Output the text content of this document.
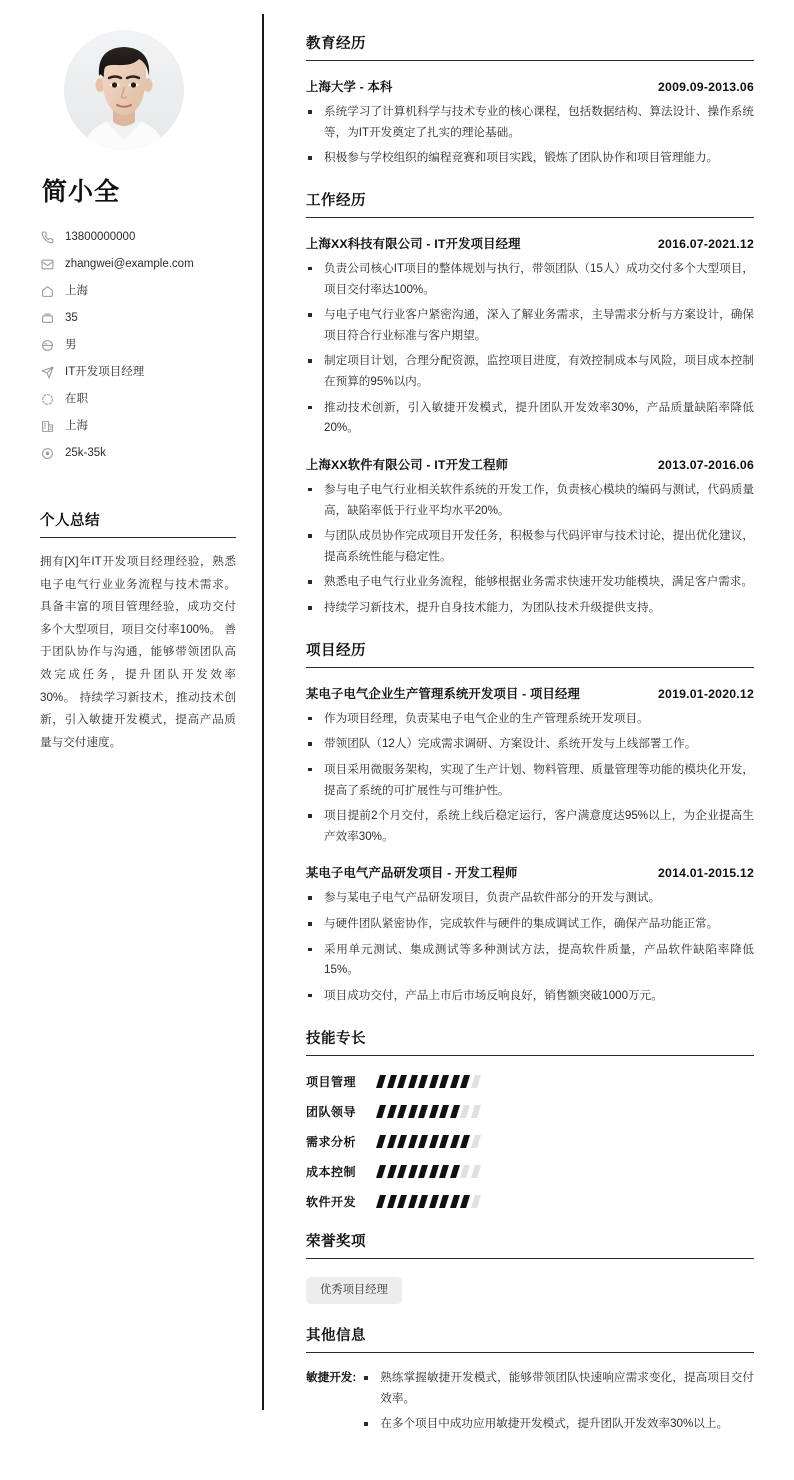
简小全
13800000000
zhangwei@example.com
上海
35
男
IT开发项目经理
在职
上海
25k-35k
个人总结

拥有[X]年IT开发项目经理经验，熟悉电子电气行业业务流程与技术需求。 具备丰富的项目管理经验，成功交付多个大型项目，项目交付率100%。 善于团队协作与沟通，能够带领团队高效完成任务，提升团队开发效率30%。 持续学习新技术，推动技术创新，引入敏捷开发模式，提高产品质量与交付速度。

教育经历
上海大学 - 本科	2009.09-2013.06
系统学习了计算机科学与技术专业的核心课程，包括数据结构、算法设计、操作系统等，为IT开发奠定了扎实的理论基础。
积极参与学校组织的编程竞赛和项目实践，锻炼了团队协作和项目管理能力。
工作经历
上海XX科技有限公司 - IT开发项目经理	2016.07-2021.12
负责公司核心IT项目的整体规划与执行，带领团队（15人）成功交付多个大型项目，项目交付率达100%。
与电子电气行业客户紧密沟通，深入了解业务需求，主导需求分析与方案设计，确保项目符合行业标准与客户期望。
制定项目计划，合理分配资源，监控项目进度，有效控制成本与风险，项目成本控制在预算的95%以内。
推动技术创新，引入敏捷开发模式，提升团队开发效率30%，产品质量缺陷率降低20%。
上海XX软件有限公司 - IT开发工程师	2013.07-2016.06
参与电子电气行业相关软件系统的开发工作，负责核心模块的编码与测试，代码质量高，缺陷率低于行业平均水平20%。
与团队成员协作完成项目开发任务，积极参与代码评审与技术讨论，提出优化建议，提高系统性能与稳定性。
熟悉电子电气行业业务流程，能够根据业务需求快速开发功能模块，满足客户需求。
持续学习新技术，提升自身技术能力，为团队技术升级提供支持。
项目经历
某电子电气企业生产管理系统开发项目 - 项目经理	2019.01-2020.12
作为项目经理，负责某电子电气企业的生产管理系统开发项目。
带领团队（12人）完成需求调研、方案设计、系统开发与上线部署工作。
项目采用微服务架构，实现了生产计划、物料管理、质量管理等功能的模块化开发，提高了系统的可扩展性与可维护性。
项目提前2个月交付，系统上线后稳定运行，客户满意度达95%以上，为企业提高生产效率30%。
某电子电气产品研发项目 - 开发工程师	2014.01-2015.12
参与某电子电气产品研发项目，负责产品软件部分的开发与测试。
与硬件团队紧密协作，完成软件与硬件的集成调试工作，确保产品功能正常。
采用单元测试、集成测试等多种测试方法，提高软件质量，产品软件缺陷率降低15%。
项目成功交付，产品上市后市场反响良好，销售额突破1000万元。
技能专长
项目管理
团队领导
需求分析
成本控制
软件开发
荣誉奖项
优秀项目经理
其他信息
敏捷开发:	熟练掌握敏捷开发模式，能够带领团队快速响应需求变化，提高项目交付效率。
在多个项目中成功应用敏捷开发模式，提升团队开发效率30%以上。
